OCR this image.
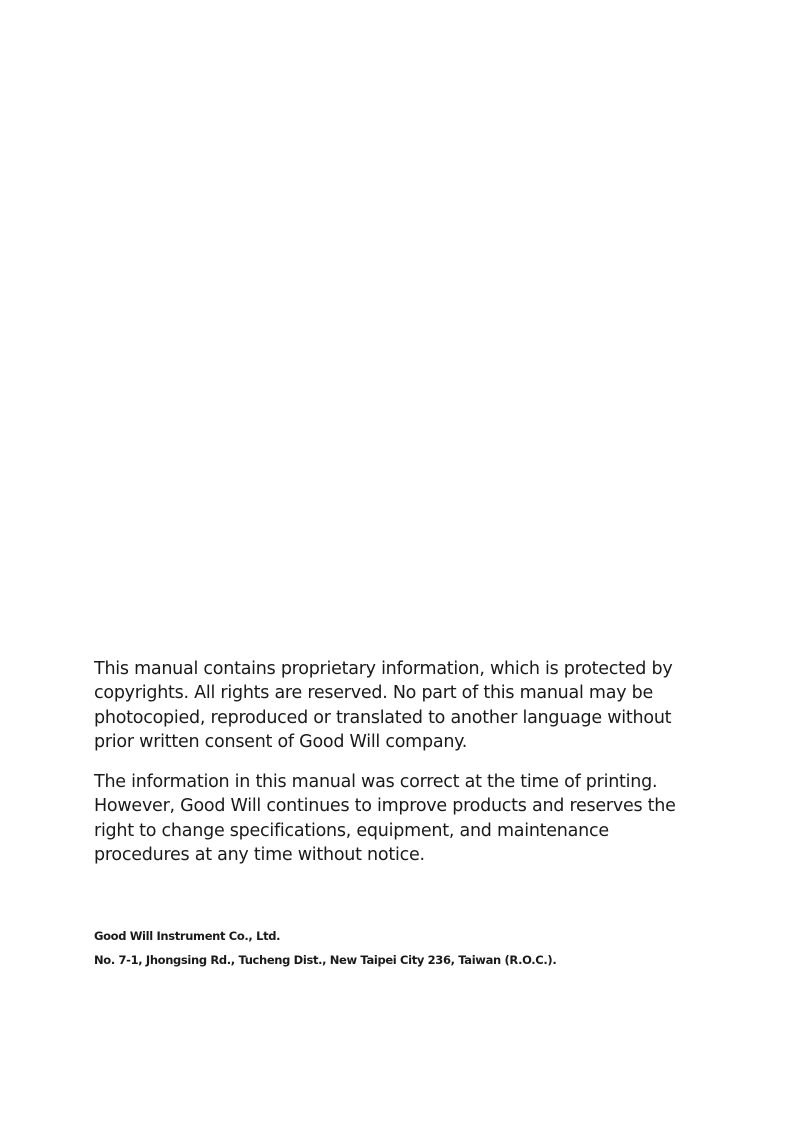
This manual contains proprietary information, which is protected by
copyrights. All rights are reserved. No part of this manual may be
photocopied, reproduced or translated to another language without
prior written consent of Good Will company.
The information in this manual was correct at the time of printing.
However, Good Will continues to improve products and reserves the
right to change specifications, equipment, and maintenance
procedures at any time without notice.
Good Will Instrument Co., Ltd.
No. 7-1, Jhongsing Rd., Tucheng Dist., New Taipei City 236, Taiwan (R.O.C.).
